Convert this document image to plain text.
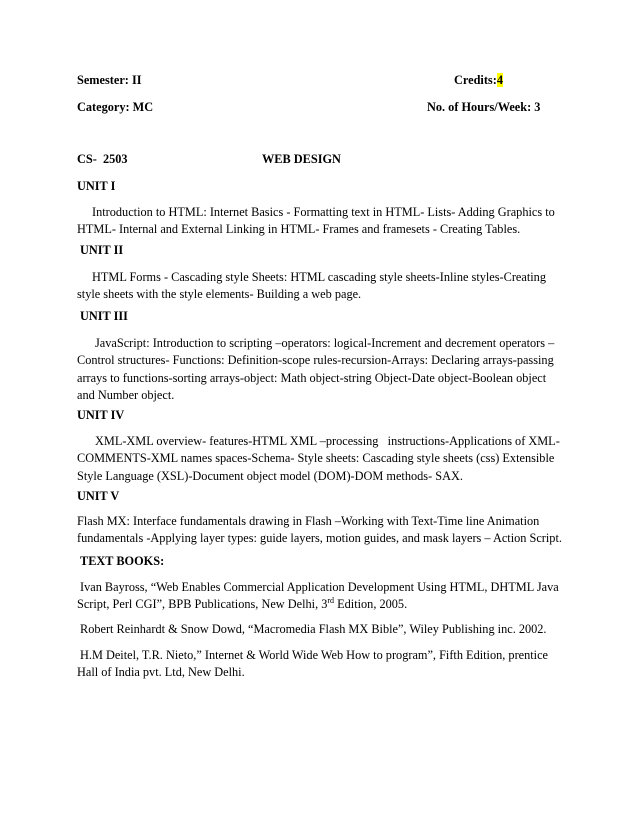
Semester: II	Credits:4
Category: MC	No. of Hours/Week: 3
CS-  2503	WEB DESIGN
UNIT I
Introduction to HTML: Internet Basics - Formatting text in HTML- Lists- Adding Graphics to HTML- Internal and External Linking in HTML- Frames and framesets - Creating Tables.
UNIT II
HTML Forms - Cascading style Sheets: HTML cascading style sheets-Inline styles-Creating style sheets with the style elements- Building a web page.
UNIT III
JavaScript: Introduction to scripting –operators: logical-Increment and decrement operators –Control structures- Functions: Definition-scope rules-recursion-Arrays: Declaring arrays-passing arrays to functions-sorting arrays-object: Math object-string Object-Date object-Boolean object and Number object.
UNIT IV
XML-XML overview- features-HTML XML –processing   instructions-Applications of XML-COMMENTS-XML names spaces-Schema- Style sheets: Cascading style sheets (css) Extensible Style Language (XSL)-Document object model (DOM)-DOM methods- SAX.
UNIT V
Flash MX: Interface fundamentals drawing in Flash –Working with Text-Time line Animation fundamentals -Applying layer types: guide layers, motion guides, and mask layers – Action Script.
TEXT BOOKS:
Ivan Bayross, “Web Enables Commercial Application Development Using HTML, DHTML Java Script, Perl CGI”, BPB Publications, New Delhi, 3rd Edition, 2005.
Robert Reinhardt & Snow Dowd, “Macromedia Flash MX Bible”, Wiley Publishing inc. 2002.
H.M Deitel, T.R. Nieto,” Internet & World Wide Web How to program”, Fifth Edition, prentice Hall of India pvt. Ltd, New Delhi.
